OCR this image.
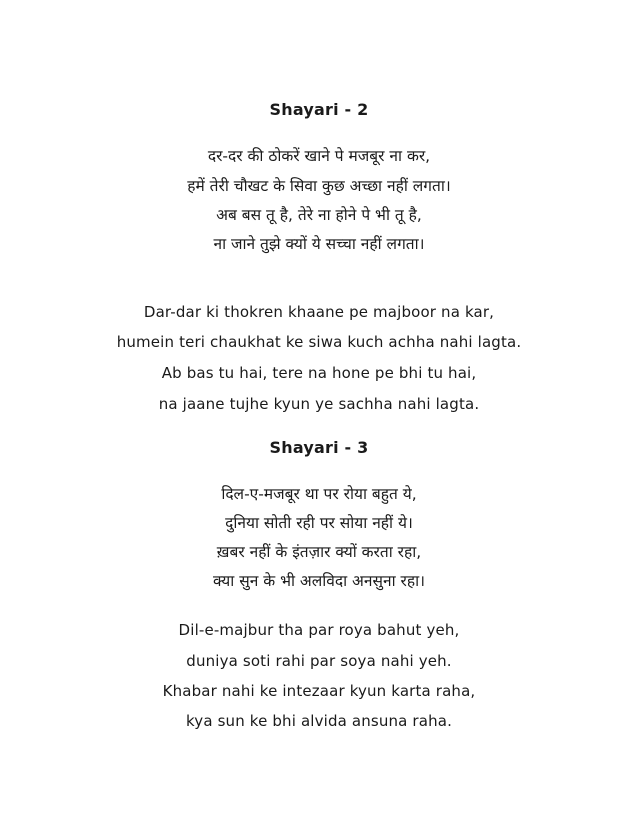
Shayari - 2
दर-दर की ठोकरें खाने पे मजबूर ना कर,
हमें तेरी चौखट के सिवा कुछ अच्छा नहीं लगता।
अब बस तू है, तेरे ना होने पे भी तू है,
ना जाने तुझे क्यों ये सच्चा नहीं लगता।
Dar-dar ki thokren khaane pe majboor na kar,
humein teri chaukhat ke siwa kuch achha nahi lagta.
Ab bas tu hai, tere na hone pe bhi tu hai,
na jaane tujhe kyun ye sachha nahi lagta.
Shayari - 3
दिल-ए-मजबूर था पर रोया बहुत ये,
दुनिया सोती रही पर सोया नहीं ये।
ख़बर नहीं के इंतज़ार क्यों करता रहा,
क्या सुन के भी अलविदा अनसुना रहा।
Dil-e-majbur tha par roya bahut yeh,
duniya soti rahi par soya nahi yeh.
Khabar nahi ke intezaar kyun karta raha,
kya sun ke bhi alvida ansuna raha.
